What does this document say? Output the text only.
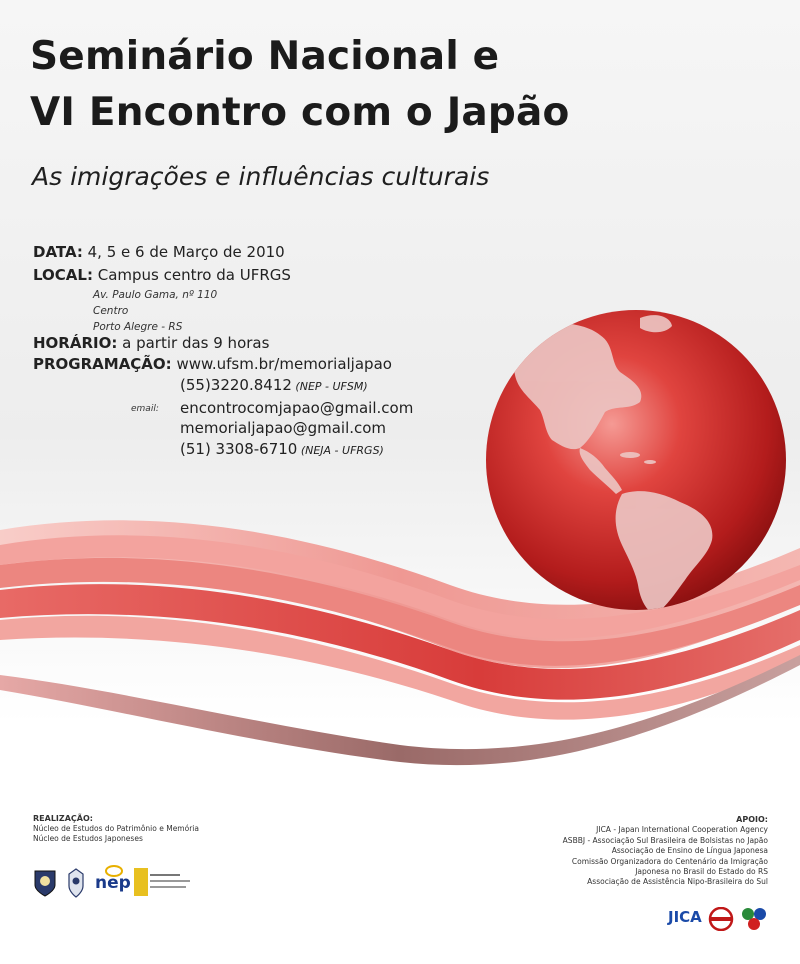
Seminário Nacional e
VI Encontro com o Japão
As imigrações e influências culturais
DATA: 4, 5 e 6 de Março de 2010
LOCAL: Campus centro da UFRGS
Av. Paulo Gama, nº 110
Centro
Porto Alegre - RS
HORÁRIO: a partir das 9 horas
PROGRAMAÇÃO: www.ufsm.br/memorialjapao
(55)3220.8412 (NEP - UFSM)
email: encontrocomjapao@gmail.com
memorialjapao@gmail.com
(51) 3308-6710 (NEJA - UFRGS)
REALIZAÇÃO:
Núcleo de Estudos do Patrimônio e Memória
Núcleo de Estudos Japoneses
nep
APOIO:
JICA - Japan International Cooperation Agency
ASBBJ - Associação Sul Brasileira de Bolsistas no Japão
Associação de Ensino de Língua Japonesa
Comissão Organizadora do Centenário da Imigração
Japonesa no Brasil do Estado do RS
Associação de Assistência Nipo-Brasileira do Sul
JICA
